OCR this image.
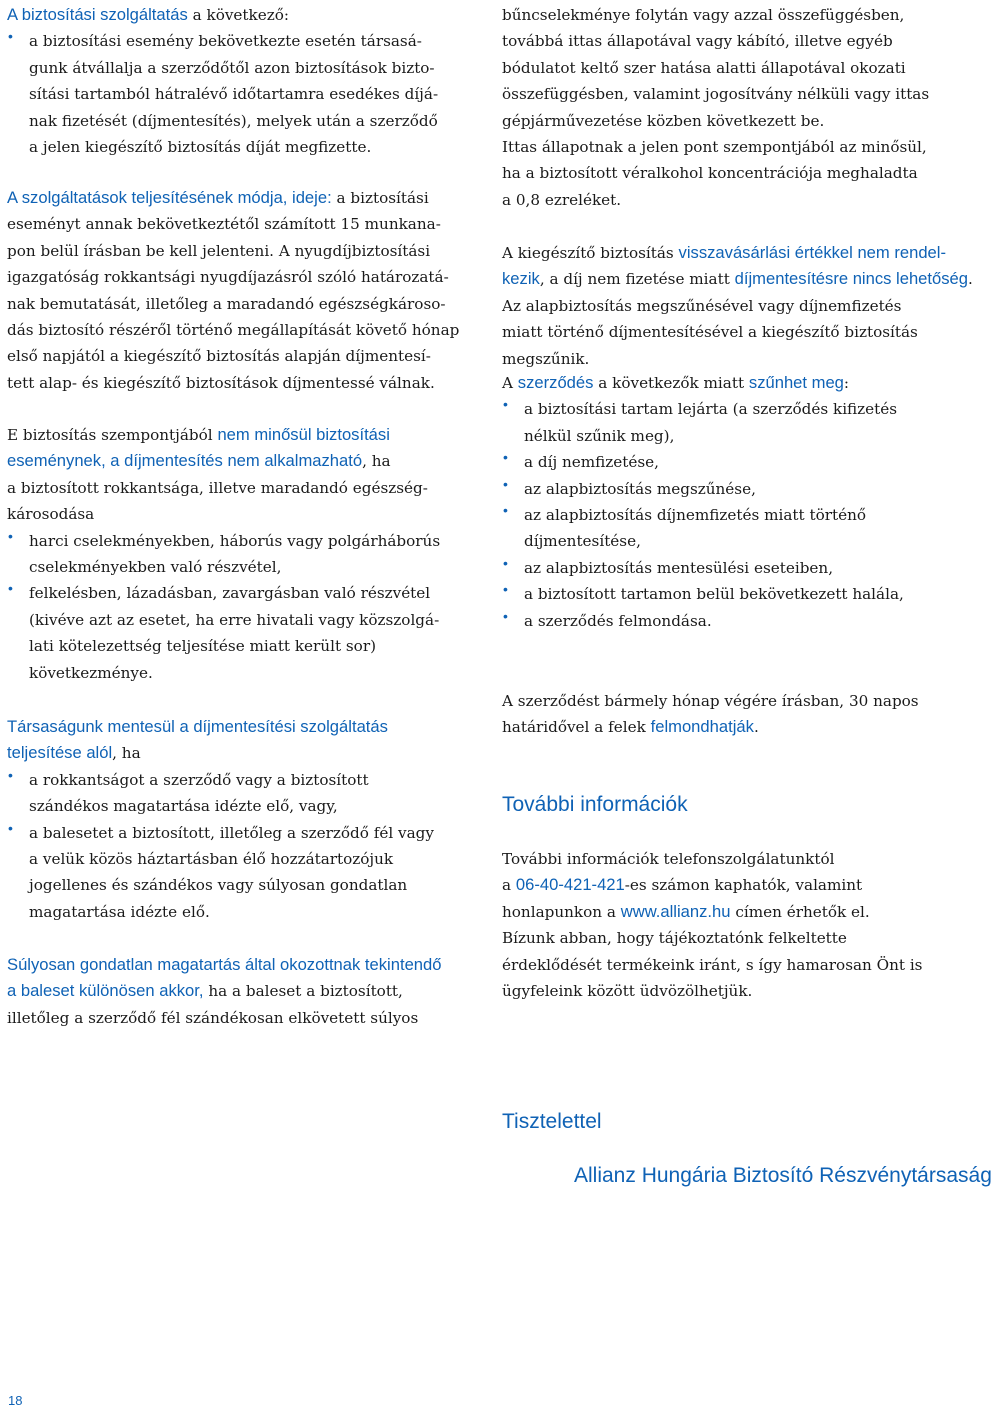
A biztosítási szolgáltatás a következő:
• a biztosítási esemény bekövetkezte esetén társasá-
gunk átvállalja a szerződőtől azon biztosítások bizto-
sítási tartamból hátralévő időtartamra esedékes díjá-
nak fizetését (díjmentesítés), melyek után a szerződő
a jelen kiegészítő biztosítás díját megfizette.
A szolgáltatások teljesítésének módja, ideje: a biztosítási
eseményt annak bekövetkeztétől számított 15 munkana-
pon belül írásban be kell jelenteni. A nyugdíjbiztosítási
igazgatóság rokkantsági nyugdíjazásról szóló határozatá-
nak bemutatását, illetőleg a maradandó egészségkároso-
dás biztosító részéről történő megállapítását követő hónap
első napjától a kiegészítő biztosítás alapján díjmentesí-
tett alap- és kiegészítő biztosítások díjmentessé válnak.
E biztosítás szempontjából nem minősül biztosítási
eseménynek, a díjmentesítés nem alkalmazható, ha
a biztosított rokkantsága, illetve maradandó egészség-
károsodása
• harci cselekményekben, háborús vagy polgárháborús
cselekményekben való részvétel,
• felkelésben, lázadásban, zavargásban való részvétel
(kivéve azt az esetet, ha erre hivatali vagy közszolgá-
lati kötelezettség teljesítése miatt került sor)
következménye.
Társaságunk mentesül a díjmentesítési szolgáltatás
teljesítése alól, ha
• a rokkantságot a szerződő vagy a biztosított
szándékos magatartása idézte elő, vagy,
• a balesetet a biztosított, illetőleg a szerződő fél vagy
a velük közös háztartásban élő hozzátartozójuk
jogellenes és szándékos vagy súlyosan gondatlan
magatartása idézte elő.
Súlyosan gondatlan magatartás által okozottnak tekintendő
a baleset különösen akkor, ha a baleset a biztosított,
illetőleg a szerződő fél szándékosan elkövetett súlyos
bűncselekménye folytán vagy azzal összefüggésben,
továbbá ittas állapotával vagy kábító, illetve egyéb
bódulatot keltő szer hatása alatti állapotával okozati
összefüggésben, valamint jogosítvány nélküli vagy ittas
gépjárművezetése közben következett be.
Ittas állapotnak a jelen pont szempontjából az minősül,
ha a biztosított véralkohol koncentrációja meghaladta
a 0,8 ezreléket.
A kiegészítő biztosítás visszavásárlási értékkel nem rendel-
kezik, a díj nem fizetése miatt díjmentesítésre nincs lehetőség.
Az alapbiztosítás megszűnésével vagy díjnemfizetés
miatt történő díjmentesítésével a kiegészítő biztosítás
megszűnik.
A szerződés a következők miatt szűnhet meg:
• a biztosítási tartam lejárta (a szerződés kifizetés
nélkül szűnik meg),
• a díj nemfizetése,
• az alapbiztosítás megszűnése,
• az alapbiztosítás díjnemfizetés miatt történő
díjmentesítése,
• az alapbiztosítás mentesülési eseteiben,
• a biztosított tartamon belül bekövetkezett halála,
• a szerződés felmondása.
A szerződést bármely hónap végére írásban, 30 napos
határidővel a felek felmondhatják.
További információk
További információk telefonszolgálatunktól
a 06-40-421-421-es számon kaphatók, valamint
honlapunkon a www.allianz.hu címen érhetők el.
Bízunk abban, hogy tájékoztatónk felkeltette
érdeklődését termékeink iránt, s így hamarosan Önt is
ügyfeleink között üdvözölhetjük.
Tisztelettel
Allianz Hungária Biztosító Részvénytársaság
18
